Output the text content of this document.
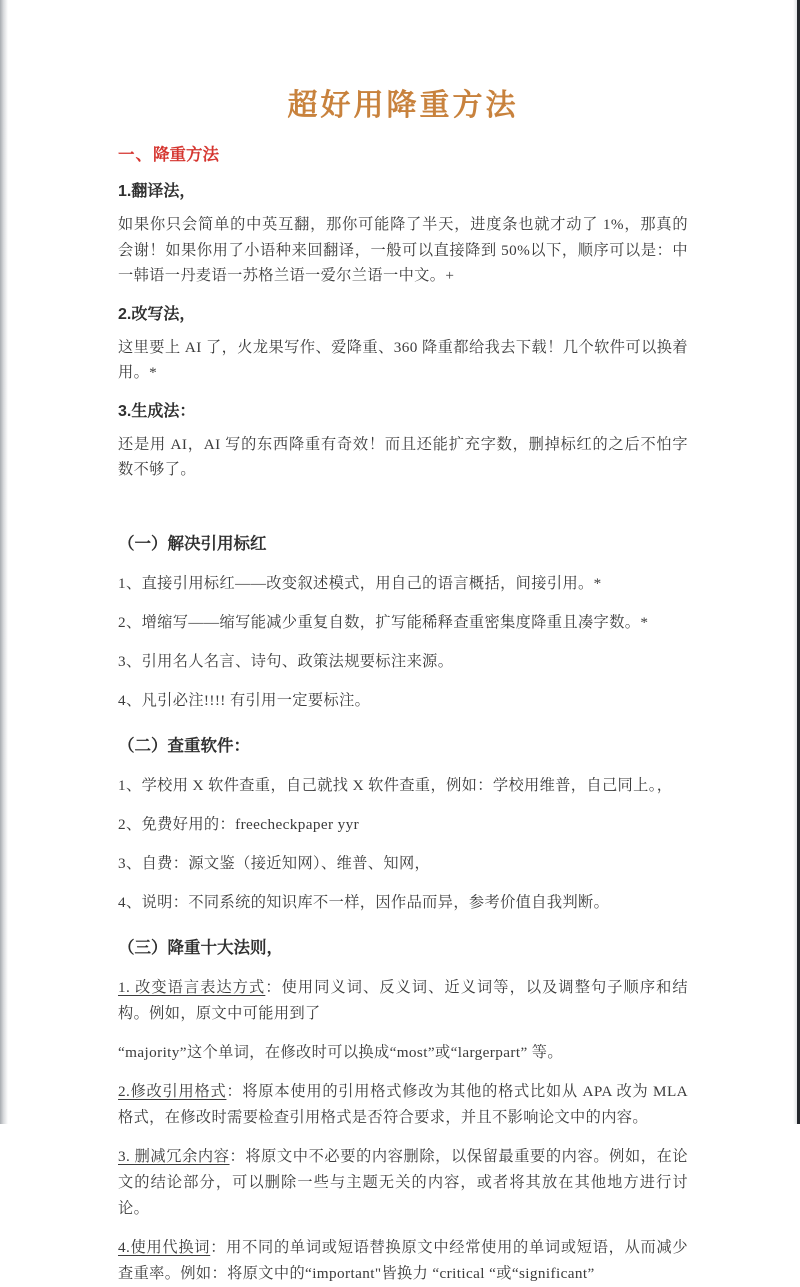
超好用降重方法
一、降重方法
1.翻译法，

如果你只会简单的中英互翻，那你可能降了半天，进度条也就才动了 1%，那真的会谢！如果你用了小语种来回翻译，一般可以直接降到 50%以下，顺序可以是：中一韩语一丹麦语一苏格兰语一爱尔兰语一中文。+

2.改写法，

这里要上 AI 了，火龙果写作、爱降重、360 降重都给我去下载！几个软件可以换着用。*

3.生成法：

还是用 AI，AI 写的东西降重有奇效！而且还能扩充字数，删掉标红的之后不怕字数不够了。

（一）解决引用标红

1、直接引用标红——改变叙述模式，用自己的语言概括，间接引用。*

2、增缩写——缩写能减少重复自数，扩写能稀释查重密集度降重且凑字数。*

3、引用名人名言、诗句、政策法规要标注来源。

4、凡引必注!!!! 有引用一定要标注。

（二）查重软件：

1、学校用 X 软件查重，自己就找 X 软件查重，例如：学校用维普，自己同上。，

2、免费好用的：freecheckpaper yyr

3、自费：源文鉴（接近知网）、维普、知网，

4、说明：不同系统的知识库不一样，因作品而异，参考价值自我判断。

（三）降重十大法则，

1. 改变语言表达方式：使用同义词、反义词、近义词等，以及调整句子顺序和结构。例如，原文中可能用到了

“majority”这个单词，在修改时可以换成“most”或“largerpart” 等。

2.修改引用格式：将原本使用的引用格式修改为其他的格式比如从 APA 改为 MLA 格式，在修改时需要检查引用格式是否符合要求，并且不影响论文中的内容。

3. 删减冗余内容：将原文中不必要的内容删除，以保留最重要的内容。例如，在论文的结论部分，可以删除一些与主题无关的内容，或者将其放在其他地方进行讨论。

4.使用代换词：用不同的单词或短语替换原文中经常使用的单词或短语，从而减少查重率。例如：将原文中的“important"皆换力 “critical “或“significant”
